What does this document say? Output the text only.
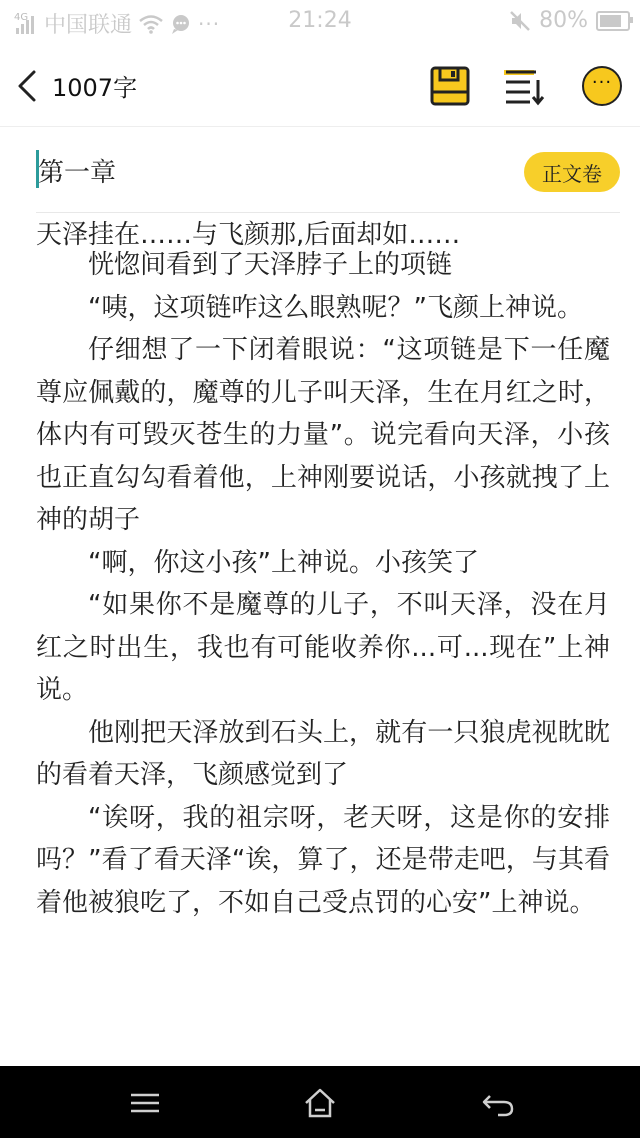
4G 中国联通	···	21:24	80%
1007字	···
第一章	正文卷
天泽挂在……与飞颜那,后面却如……

恍惚间看到了天泽脖子上的项链

“咦，这项链咋这么眼熟呢？”飞颜上神说。

仔细想了一下闭着眼说：“这项链是下一任魔尊应佩戴的，魔尊的儿子叫天泽，生在月红之时，体内有可毁灭苍生的力量”。说完看向天泽，小孩也正直勾勾看着他，上神刚要说话，小孩就拽了上神的胡子

“啊，你这小孩”上神说。小孩笑了

“如果你不是魔尊的儿子，不叫天泽，没在月红之时出生，我也有可能收养你...可...现在”上神说。

他刚把天泽放到石头上，就有一只狼虎视眈眈的看着天泽，飞颜感觉到了

“诶呀，我的祖宗呀，老天呀，这是你的安排吗？”看了看天泽“诶，算了，还是带走吧，与其看着他被狼吃了，不如自己受点罚的心安”上神说。
